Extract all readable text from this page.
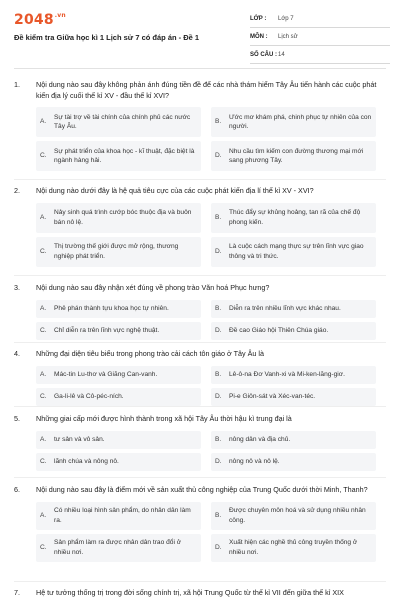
$2048^{.vn}$
Đề kiểm tra Giữa học kì 1 Lịch sử 7 có đáp án - Đề 1
LỚP :	Lớp 7
MÔN :	Lịch sử
SỐ CÂU : 14
1.	Nội dung nào sau đây không phản ánh đúng tiền đề để các nhà thám hiểm Tây Âu tiến hành các cuộc phát kiến địa lý cuối thế kỉ XV - đầu thế kỉ XVI?
A.
Sự tài trợ về tài chính của chính phủ các nước Tây Âu.
B.
Ước mơ khám phá, chinh phục tự nhiên của con người.
C.
Sự phát triển của khoa học - kĩ thuật, đặc biệt là ngành hàng hải.
D.
Nhu cầu tìm kiếm con đường thương mại mới sang phương Tây.
2.	Nội dung nào dưới đây là hệ quả tiêu cực của các cuộc phát kiến địa lí thế kỉ XV - XVI?
A.
Nảy sinh quá trình cướp bóc thuộc địa và buôn bán nô lệ.
B.
Thúc đẩy sự khủng hoảng, tan rã của chế độ phong kiến.
C.
Thị trường thế giới được mở rộng, thương nghiệp phát triển.
D.
Là cuộc cách mạng thực sự trên lĩnh vực giao thông và tri thức.
3.	Nội dung nào sau đây nhận xét đúng về phong trào Văn hoá Phục hưng?
A.	Phê phán thành tựu khoa học tự nhiên.	B.	Diễn ra trên nhiều lĩnh vực khác nhau.
C.	Chỉ diễn ra trên lĩnh vực nghệ thuật.	D.	Đề cao Giáo hội Thiên Chúa giáo.
4.	Những đại diện tiêu biểu trong phong trào cải cách tôn giáo ở Tây Âu là
A.	Mác-tin Lu-thơ và Giăng Can-vanh.	B.	Lê-ô-na Đơ Vanh-xi và Mi-ken-lăng-giơ.
C.	Ga-li-lê và Cô-péc-ních.	D.	Pi-e Giôn-sát và Xéc-van-téc.
5.	Những giai cấp mới được hình thành trong xã hội Tây Âu thời hậu kì trung đại là
A.	tư sản và vô sản.	B.	nông dân và địa chủ.
C.	lãnh chúa và nông nô.	D.	nông nô và nô lệ.
6.	Nội dung nào sau đây là điểm mới về sản xuất thủ công nghiệp của Trung Quốc dưới thời Minh, Thanh?
A.
Có nhiều loại hình sản phẩm, do nhân dân làm ra.
B.
Được chuyên môn hoá và sử dụng nhiều nhân công.
C.
Sản phẩm làm ra được nhân dân trao đổi ở nhiều nơi.
D.
Xuất hiện các nghề thủ công truyền thống ở nhiều nơi.
7.	Hệ tư tưởng thống trị trong đời sống chính trị, xã hội Trung Quốc từ thế kỉ VII đến giữa thế kỉ XIX
